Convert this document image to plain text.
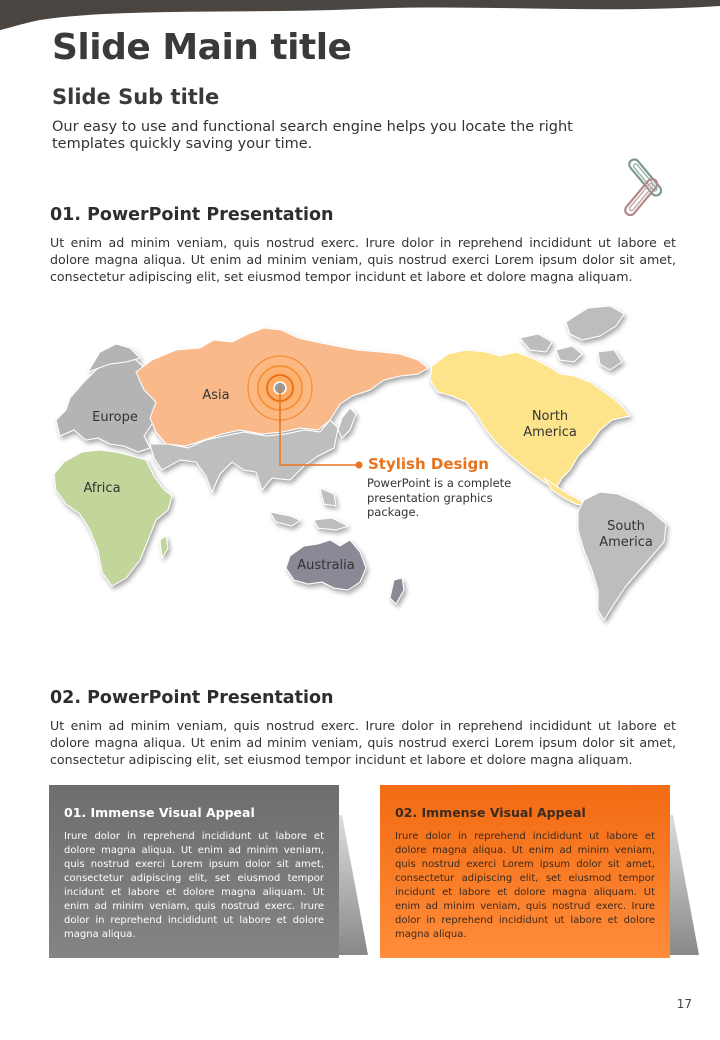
Slide Main title
Slide Sub title
Our easy to use and functional search engine helps you locate the right templates quickly saving your time.
01. PowerPoint Presentation
Ut enim ad minim veniam, quis nostrud exerc. Irure dolor in reprehend incididunt ut labore et dolore magna aliqua. Ut enim ad minim veniam, quis nostrud exerci Lorem ipsum dolor sit amet, consectetur adipiscing elit, set eiusmod tempor incidunt et labore et dolore magna aliquam.
Asia
Europe
Africa
Australia
North
America
South
America
Stylish Design
PowerPoint is a complete presentation graphics package.
02. PowerPoint Presentation
Ut enim ad minim veniam, quis nostrud exerc. Irure dolor in reprehend incididunt ut labore et dolore magna aliqua. Ut enim ad minim veniam, quis nostrud exerci Lorem ipsum dolor sit amet, consectetur adipiscing elit, set eiusmod tempor incidunt et labore et dolore magna aliquam.
01. Immense Visual Appeal
Irure dolor in reprehend incididunt ut labore et dolore magna aliqua. Ut enim ad minim veniam, quis nostrud exerci Lorem ipsum dolor sit amet, consectetur adipiscing elit, set eiusmod tempor incidunt et labore et dolore magna aliquam. Ut enim ad minim veniam, quis nostrud exerc. Irure dolor in reprehend incididunt ut labore et dolore magna aliqua.
02. Immense Visual Appeal
Irure dolor in reprehend incididunt ut labore et dolore magna aliqua. Ut enim ad minim veniam, quis nostrud exerci Lorem ipsum dolor sit amet, consectetur adipiscing elit, set eiusmod tempor incidunt et labore et dolore magna aliquam. Ut enim ad minim veniam, quis nostrud exerc. Irure dolor in reprehend incididunt ut labore et dolore magna aliqua.
17
